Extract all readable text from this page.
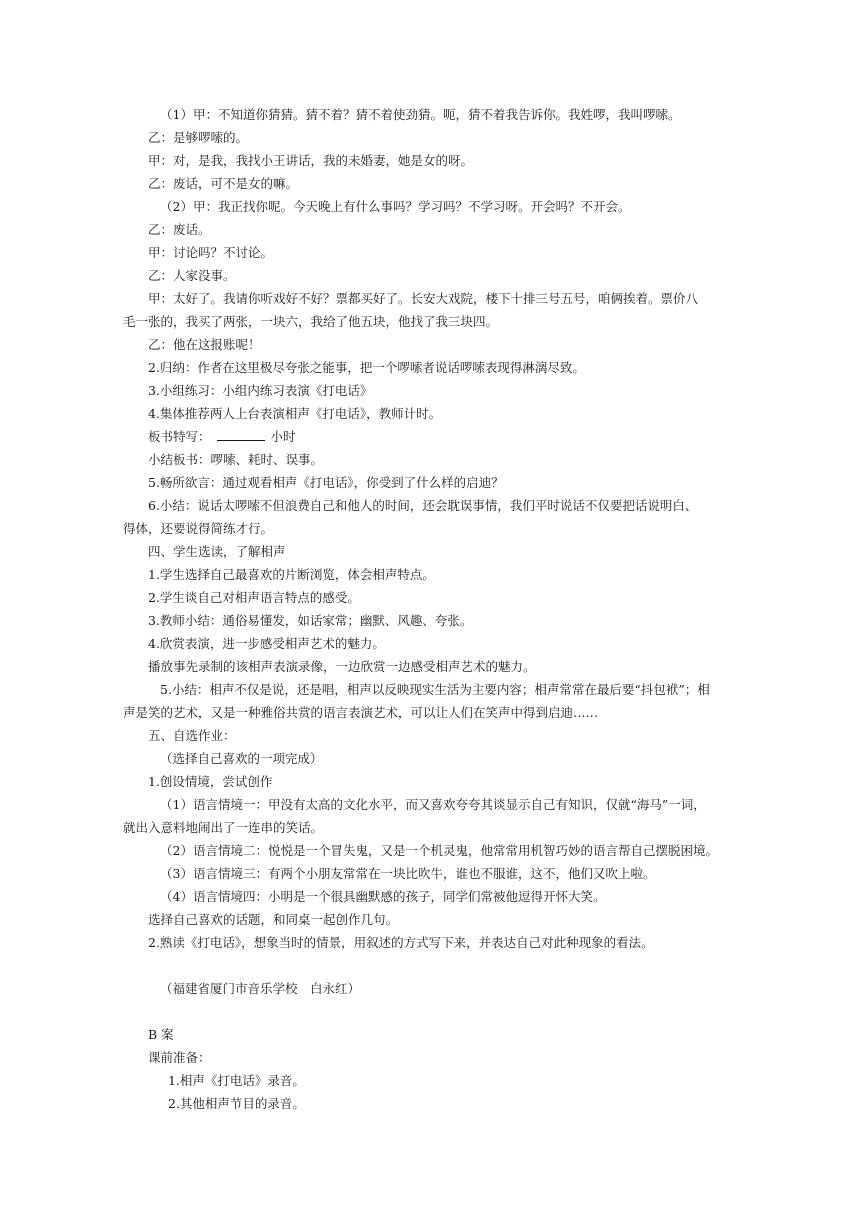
（1）甲：不知道你猜猜。猜不着？猜不着使劲猜。呃，猜不着我告诉你。我姓啰，我叫啰嗦。
乙：是够啰嗦的。
甲：对，是我，我找小王讲话，我的未婚妻，她是女的呀。
乙：废话，可不是女的嘛。
（2）甲：我正找你呢。今天晚上有什么事吗？学习吗？不学习呀。开会吗？不开会。
乙：废话。
甲：讨论吗？不讨论。
乙：人家没事。
甲：太好了。我请你听戏好不好？票都买好了。长安大戏院，楼下十排三号五号，咱俩挨着。票价八
毛一张的，我买了两张，一块六，我给了他五块，他找了我三块四。
乙：他在这报账呢！
2.归纳：作者在这里极尽夸张之能事，把一个啰嗦者说话啰嗦表现得淋漓尽致。
3.小组练习：小组内练习表演《打电话》
4.集体推荐两人上台表演相声《打电话》，教师计时。
板书特写：	小时
小结板书：啰嗦、耗时、误事。
5.畅所欲言：通过观看相声《打电话》，你受到了什么样的启迪？
6.小结：说话太啰嗦不但浪费自己和他人的时间，还会耽误事情，我们平时说话不仅要把话说明白、
得体，还要说得简练才行。
四、学生选读，了解相声
1.学生选择自己最喜欢的片断浏览，体会相声特点。
2.学生谈自己对相声语言特点的感受。
3.教师小结：通俗易懂发，如话家常；幽默、风趣、夸张。
4.欣赏表演，进一步感受相声艺术的魅力。
播放事先录制的该相声表演录像，一边欣赏一边感受相声艺术的魅力。
5.小结：相声不仅是说，还是唱，相声以反映现实生活为主要内容；相声常常在最后要“抖包袱”；相
声是笑的艺术，又是一种雅俗共赏的语言表演艺术，可以让人们在笑声中得到启迪……
五、自选作业：
（选择自己喜欢的一项完成）
1.创设情境，尝试创作
（1）语言情境一：甲没有太高的文化水平，而又喜欢夸夸其谈显示自己有知识，仅就“海马”一词，
就出入意料地闹出了一连串的笑话。
（2）语言情境二：悦悦是一个冒失鬼，又是一个机灵鬼，他常常用机智巧妙的语言帮自己摆脱困境。
（3）语言情境三：有两个小朋友常常在一块比吹牛，谁也不服谁，这不，他们又吹上啦。
（4）语言情境四：小明是一个很具幽默感的孩子，同学们常被他逗得开怀大笑。
选择自己喜欢的话题，和同桌一起创作几句。
2.熟读《打电话》，想象当时的情景，用叙述的方式写下来，并表达自己对此种现象的看法。
（福建省厦门市音乐学校　白永红）
B 案
课前准备：
1.相声《打电话》录音。
2.其他相声节目的录音。
